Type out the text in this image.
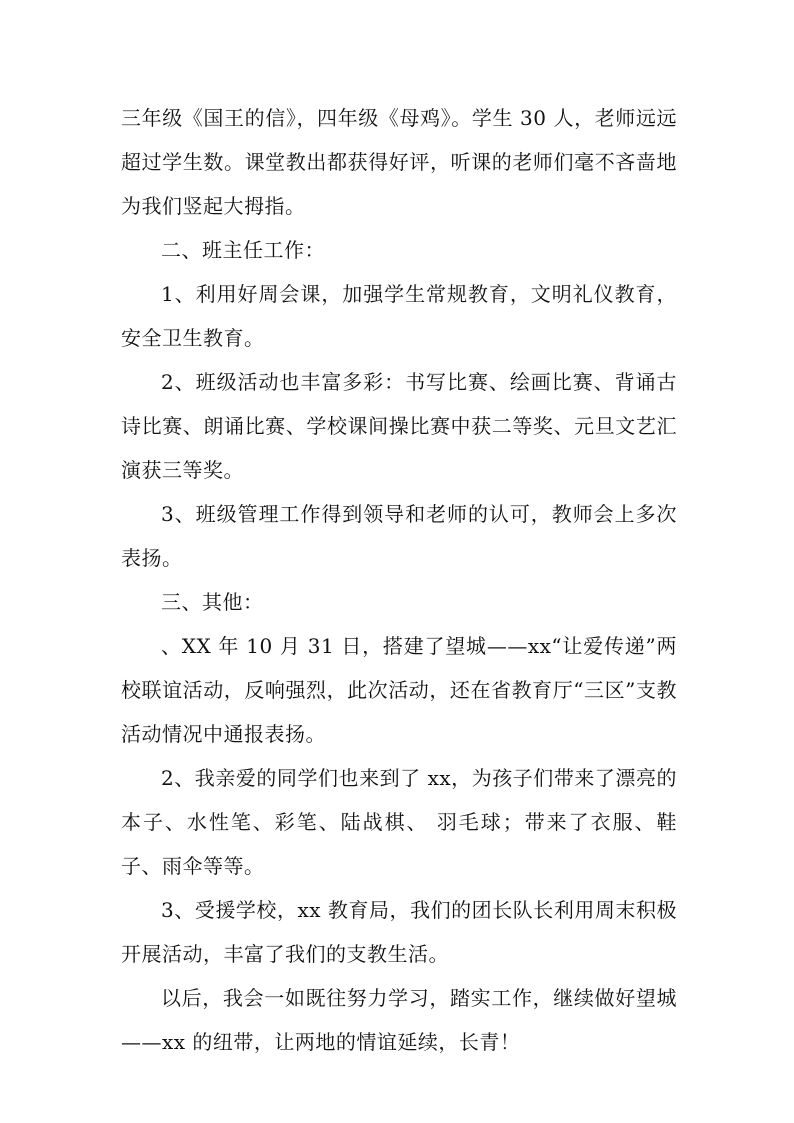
三年级《国王的信》，四年级《母鸡》。学生 30 人，老师远远超过学生数。课堂教出都获得好评，听课的老师们毫不吝啬地为我们竖起大拇指。

二、班主任工作：

1、利用好周会课，加强学生常规教育，文明礼仪教育，安全卫生教育。

2、班级活动也丰富多彩：书写比赛、绘画比赛、背诵古诗比赛、朗诵比赛、学校课间操比赛中获二等奖、元旦文艺汇演获三等奖。

3、班级管理工作得到领导和老师的认可，教师会上多次表扬。

三、其他：

、XX 年 10 月 31 日，搭建了望城——xx“让爱传递”两校联谊活动，反响强烈，此次活动，还在省教育厅“三区”支教活动情况中通报表扬。

2、我亲爱的同学们也来到了 xx，为孩子们带来了漂亮的本子、水性笔、彩笔、陆战棋、 羽毛球；带来了衣服、鞋子、雨伞等等。

3、受援学校，xx 教育局，我们的团长队长利用周末积极开展活动，丰富了我们的支教生活。

以后，我会一如既往努力学习，踏实工作，继续做好望城——xx 的纽带，让两地的情谊延续，长青！
